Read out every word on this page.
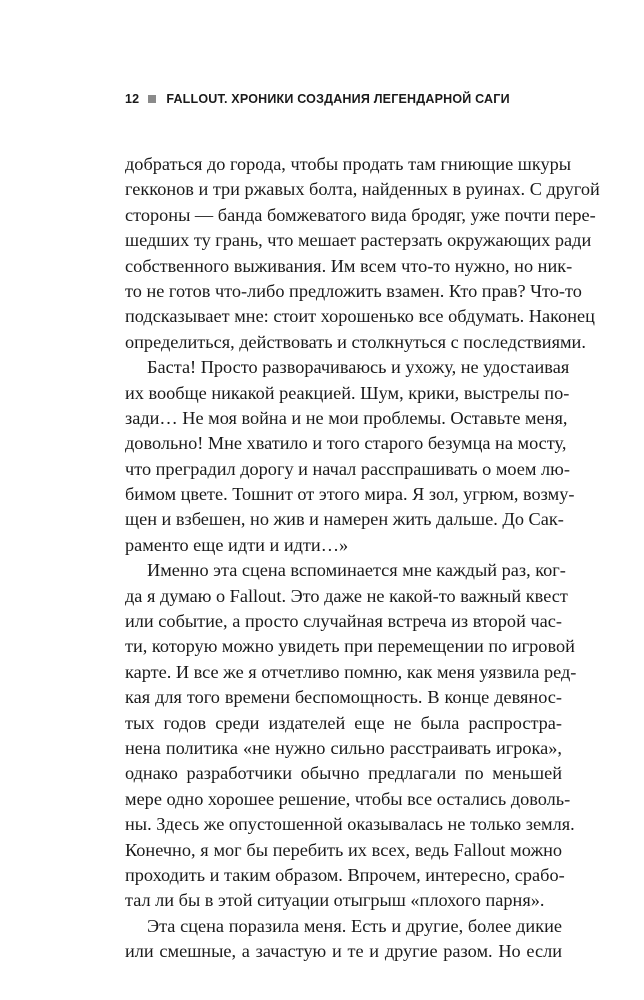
12 FALLOUT. ХРОНИКИ СОЗДАНИЯ ЛЕГЕНДАРНОЙ САГИ
добраться до города, чтобы продать там гниющие шкуры
гекконов и три ржавых болта, найденных в руинах. С другой
стороны — банда бомжеватого вида бродяг, уже почти пере-
шедших ту грань, что мешает растерзать окружающих ради
собственного выживания. Им всем что-то нужно, но ник-
то не готов что-либо предложить взамен. Кто прав? Что-то
подсказывает мне: стоит хорошенько все обдумать. Наконец
определиться, действовать и столкнуться с последствиями.
Баста! Просто разворачиваюсь и ухожу, не удостаивая
их вообще никакой реакцией. Шум, крики, выстрелы по-
зади… Не моя война и не мои проблемы. Оставьте меня,
довольно! Мне хватило и того старого безумца на мосту,
что преградил дорогу и начал расспрашивать о моем лю-
бимом цвете. Тошнит от этого мира. Я зол, угрюм, возму-
щен и взбешен, но жив и намерен жить дальше. До Сак-
раменто еще идти и идти…»
Именно эта сцена вспоминается мне каждый раз, ког-
да я думаю о Fallout. Это даже не какой-то важный квест
или событие, а просто случайная встреча из второй час-
ти, которую можно увидеть при перемещении по игровой
карте. И все же я отчетливо помню, как меня уязвила ред-
кая для того времени беспомощность. В конце девянос-
тых годов среди издателей еще не была распростра-
нена политика «не нужно сильно расстраивать игрока»,
однако разработчики обычно предлагали по меньшей
мере одно хорошее решение, чтобы все остались доволь-
ны. Здесь же опустошенной оказывалась не только земля.
Конечно, я мог бы перебить их всех, ведь Fallout можно
проходить и таким образом. Впрочем, интересно, срабо-
тал ли бы в этой ситуации отыгрыш «плохого парня».
Эта сцена поразила меня. Есть и другие, более дикие
или смешные, а зачастую и те и другие разом. Но если
